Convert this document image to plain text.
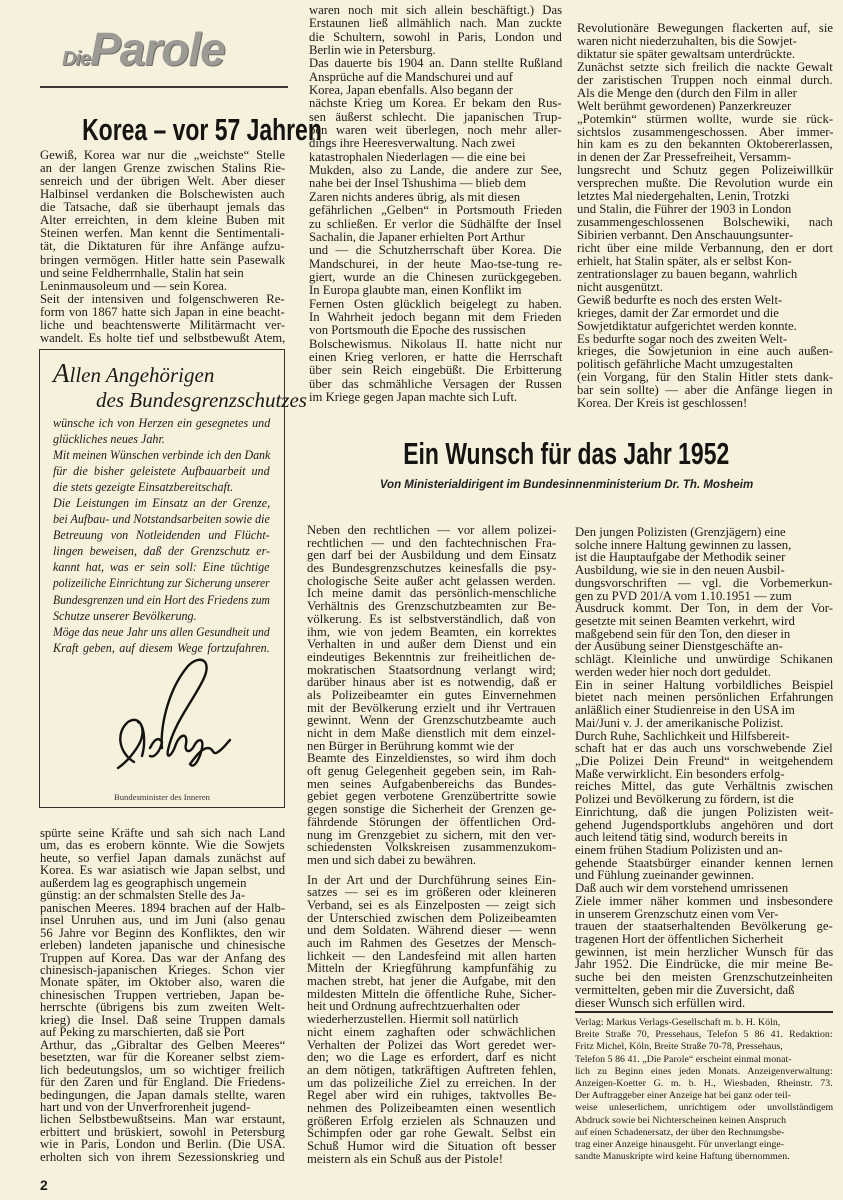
DieParole
Korea – vor 57 Jahren
Gewiß, Korea war nur die „weichste“ Stelle
an der langen Grenze zwischen Stalins Rie-
senreich und der übrigen Welt. Aber dieser
Halbinsel verdanken die Bolschewisten auch
die Tatsache, daß sie überhaupt jemals das
Alter erreichten, in dem kleine Buben mit
Steinen werfen. Man kennt die Sentimentali-
tät, die Diktaturen für ihre Anfänge aufzu-
bringen vermögen. Hitler hatte sein Pasewalk
und seine Feldherrnhalle, Stalin hat sein
Leninmausoleum und — sein Korea.
Seit der intensiven und folgenschweren Re-
form von 1867 hatte sich Japan in eine beacht-
liche und beachtenswerte Militärmacht ver-
wandelt. Es holte tief und selbstbewußt Atem,
Allen Angehörigen
des Bundesgrenzschutzes
wünsche ich von Herzen ein gesegnetes und
glückliches neues Jahr.
Mit meinen Wünschen verbinde ich den Dank
für die bisher geleistete Aufbauarbeit und
die stets gezeigte Einsatzbereitschaft.
Die Leistungen im Einsatz an der Grenze,
bei Aufbau- und Notstandsarbeiten sowie die
Betreuung von Notleidenden und Flücht-
lingen beweisen, daß der Grenzschutz er-
kannt hat, was er sein soll: Eine tüchtige
polizeiliche Einrichtung zur Sicherung unserer
Bundesgrenzen und ein Hort des Friedens zum
Schutze unserer Bevölkerung.
Möge das neue Jahr uns allen Gesundheit und
Kraft geben, auf diesem Wege fortzufahren.
Bundesminister des Inneren
spürte seine Kräfte und sah sich nach Land
um, das es erobern könnte. Wie die Sowjets
heute, so verfiel Japan damals zunächst auf
Korea. Es war asiatisch wie Japan selbst, und
außerdem lag es geographisch ungemein
günstig: an der schmalsten Stelle des Ja-
panischen Meeres. 1894 brachen auf der Halb-
insel Unruhen aus, und im Juni (also genau
56 Jahre vor Beginn des Konfliktes, den wir
erleben) landeten japanische und chinesische
Truppen auf Korea. Das war der Anfang des
chinesisch-japanischen Krieges. Schon vier
Monate später, im Oktober also, waren die
chinesischen Truppen vertrieben, Japan be-
herrschte (übrigens bis zum zweiten Welt-
krieg) die Insel. Daß seine Truppen damals
auf Peking zu marschierten, daß sie Port
Arthur, das „Gibraltar des Gelben Meeres“
besetzten, war für die Koreaner selbst ziem-
lich bedeutungslos, um so wichtiger freilich
für den Zaren und für England. Die Friedens-
bedingungen, die Japan damals stellte, waren
hart und von der Unverfrorenheit jugend-
lichen Selbstbewußtseins. Man war erstaunt,
erbittert und brüskiert, sowohl in Petersburg
wie in Paris, London und Berlin. (Die USA.
erholten sich von ihrem Sezessionskrieg und
2
waren noch mit sich allein beschäftigt.) Das
Erstaunen ließ allmählich nach. Man zuckte
die Schultern, sowohl in Paris, London und
Berlin wie in Petersburg.
Das dauerte bis 1904 an. Dann stellte Rußland
Ansprüche auf die Mandschurei und auf
Korea, Japan ebenfalls. Also begann der
nächste Krieg um Korea. Er bekam den Rus-
sen äußerst schlecht. Die japanischen Trup-
pen waren weit überlegen, noch mehr aller-
dings ihre Heeresverwaltung. Nach zwei
katastrophalen Niederlagen — die eine bei
Mukden, also zu Lande, die andere zur See,
nahe bei der Insel Tshushima — blieb dem
Zaren nichts anderes übrig, als mit diesen
gefährlichen „Gelben“ in Portsmouth Frieden
zu schließen. Er verlor die Südhälfte der Insel
Sachalin, die Japaner erhielten Port Arthur
und — die Schutzherrschaft über Korea. Die
Mandschurei, in der heute Mao-tse-tung re-
giert, wurde an die Chinesen zurückgegeben.
In Europa glaubte man, einen Konflikt im
Fernen Osten glücklich beigelegt zu haben.
In Wahrheit jedoch begann mit dem Frieden
von Portsmouth die Epoche des russischen
Bolschewismus. Nikolaus II. hatte nicht nur
einen Krieg verloren, er hatte die Herrschaft
über sein Reich eingebüßt. Die Erbitterung
über das schmähliche Versagen der Russen
im Kriege gegen Japan machte sich Luft.
Revolutionäre Bewegungen flackerten auf, sie
waren nicht niederzuhalten, bis die Sowjet-
diktatur sie später gewaltsam unterdrückte.
Zunächst setzte sich freilich die nackte Gewalt
der zaristischen Truppen noch einmal durch.
Als die Menge den (durch den Film in aller
Welt berühmt gewordenen) Panzerkreuzer
„Potemkin“ stürmen wollte, wurde sie rück-
sichtslos zusammengeschossen. Aber immer-
hin kam es zu den bekannten Oktobererlassen,
in denen der Zar Pressefreiheit, Versamm-
lungsrecht und Schutz gegen Polizeiwillkür
versprechen mußte. Die Revolution wurde ein
letztes Mal niedergehalten, Lenin, Trotzki
und Stalin, die Führer der 1903 in London
zusammengeschlossenen Bolschewiki, nach
Sibirien verbannt. Den Anschauungsunter-
richt über eine milde Verbannung, den er dort
erhielt, hat Stalin später, als er selbst Kon-
zentrationslager zu bauen begann, wahrlich
nicht ausgenützt.
Gewiß bedurfte es noch des ersten Welt-
krieges, damit der Zar ermordet und die
Sowjetdiktatur aufgerichtet werden konnte.
Es bedurfte sogar noch des zweiten Welt-
krieges, die Sowjetunion in eine auch außen-
politisch gefährliche Macht umzugestalten
(ein Vorgang, für den Stalin Hitler stets dank-
bar sein sollte) — aber die Anfänge liegen in
Korea. Der Kreis ist geschlossen!
Ein Wunsch für das Jahr 1952
Von Ministerialdirigent im Bundesinnenministerium Dr. Th. Mosheim
Neben den rechtlichen — vor allem polizei-
rechtlichen — und den fachtechnischen Fra-
gen darf bei der Ausbildung und dem Einsatz
des Bundesgrenzschutzes keinesfalls die psy-
chologische Seite außer acht gelassen werden.
Ich meine damit das persönlich-menschliche
Verhältnis des Grenzschutzbeamten zur Be-
völkerung. Es ist selbstverständlich, daß von
ihm, wie von jedem Beamten, ein korrektes
Verhalten in und außer dem Dienst und ein
eindeutiges Bekenntnis zur freiheitlichen de-
mokratischen Staatsordnung verlangt wird;
darüber hinaus aber ist es notwendig, daß er
als Polizeibeamter ein gutes Einvernehmen
mit der Bevölkerung erzielt und ihr Vertrauen
gewinnt. Wenn der Grenzschutzbeamte auch
nicht in dem Maße dienstlich mit dem einzel-
nen Bürger in Berührung kommt wie der
Beamte des Einzeldienstes, so wird ihm doch
oft genug Gelegenheit gegeben sein, im Rah-
men seines Aufgabenbereichs das Bundes-
gebiet gegen verbotene Grenzübertritte sowie
gegen sonstige die Sicherheit der Grenzen ge-
fährdende Störungen der öffentlichen Ord-
nung im Grenzgebiet zu sichern, mit den ver-
schiedensten Volkskreisen zusammenzukom-
men und sich dabei zu bewähren.
In der Art und der Durchführung seines Ein-
satzes — sei es im größeren oder kleineren
Verband, sei es als Einzelposten — zeigt sich
der Unterschied zwischen dem Polizeibeamten
und dem Soldaten. Während dieser — wenn
auch im Rahmen des Gesetzes der Mensch-
lichkeit — den Landesfeind mit allen harten
Mitteln der Kriegführung kampfunfähig zu
machen strebt, hat jener die Aufgabe, mit den
mildesten Mitteln die öffentliche Ruhe, Sicher-
heit und Ordnung aufrechtzuerhalten oder
wiederherzustellen. Hiermit soll natürlich
nicht einem zaghaften oder schwächlichen
Verhalten der Polizei das Wort geredet wer-
den; wo die Lage es erfordert, darf es nicht
an dem nötigen, tatkräftigen Auftreten fehlen,
um das polizeiliche Ziel zu erreichen. In der
Regel aber wird ein ruhiges, taktvolles Be-
nehmen des Polizeibeamten einen wesentlich
größeren Erfolg erzielen als Schnauzen und
Schimpfen oder gar rohe Gewalt. Selbst ein
Schuß Humor wird die Situation oft besser
meistern als ein Schuß aus der Pistole!
Den jungen Polizisten (Grenzjägern) eine
solche innere Haltung gewinnen zu lassen,
ist die Hauptaufgabe der Methodik seiner
Ausbildung, wie sie in den neuen Ausbil-
dungsvorschriften — vgl. die Vorbemerkun-
gen zu PVD 201/A vom 1.10.1951 — zum
Ausdruck kommt. Der Ton, in dem der Vor-
gesetzte mit seinen Beamten verkehrt, wird
maßgebend sein für den Ton, den dieser in
der Ausübung seiner Dienstgeschäfte an-
schlägt. Kleinliche und unwürdige Schikanen
werden weder hier noch dort geduldet.
Ein in seiner Haltung vorbildliches Beispiel
bietet nach meinen persönlichen Erfahrungen
anläßlich einer Studienreise in den USA im
Mai/Juni v. J. der amerikanische Polizist.
Durch Ruhe, Sachlichkeit und Hilfsbereit-
schaft hat er das auch uns vorschwebende Ziel
„Die Polizei Dein Freund“ in weitgehendem
Maße verwirklicht. Ein besonders erfolg-
reiches Mittel, das gute Verhältnis zwischen
Polizei und Bevölkerung zu fördern, ist die
Einrichtung, daß die jungen Polizisten weit-
gehend Jugendsportklubs angehören und dort
auch leitend tätig sind, wodurch bereits in
einem frühen Stadium Polizisten und an-
gehende Staatsbürger einander kennen lernen
und Fühlung zueinander gewinnen.
Daß auch wir dem vorstehend umrissenen
Ziele immer näher kommen und insbesondere
in unserem Grenzschutz einen vom Ver-
trauen der staatserhaltenden Bevölkerung ge-
tragenen Hort der öffentlichen Sicherheit
gewinnen, ist mein herzlicher Wunsch für das
Jahr 1952. Die Eindrücke, die mir meine Be-
suche bei den meisten Grenzschutzeinheiten
vermittelten, geben mir die Zuversicht, daß
dieser Wunsch sich erfüllen wird.
Verlag: Markus Verlags-Gesellschaft m. b. H. Köln,
Breite Straße 70, Pressehaus, Telefon 5 86 41. Redaktion:
Fritz Michel, Köln, Breite Straße 70-78, Pressehaus,
Telefon 5 86 41. „Die Parole“ erscheint einmal monat-
lich zu Beginn eines jeden Monats. Anzeigenverwaltung:
Anzeigen-Koetter G. m. b. H., Wiesbaden, Rheinstr. 73.
Der Auftraggeber einer Anzeige hat bei ganz oder teil-
weise unleserlichem, unrichtigem oder unvollständigem
Abdruck sowie bei Nichterscheinen keinen Anspruch
auf einen Schadenersatz, der über den Rechnungsbe-
trag einer Anzeige hinausgeht. Für unverlangt einge-
sandte Manuskripte wird keine Haftung übernommen.
